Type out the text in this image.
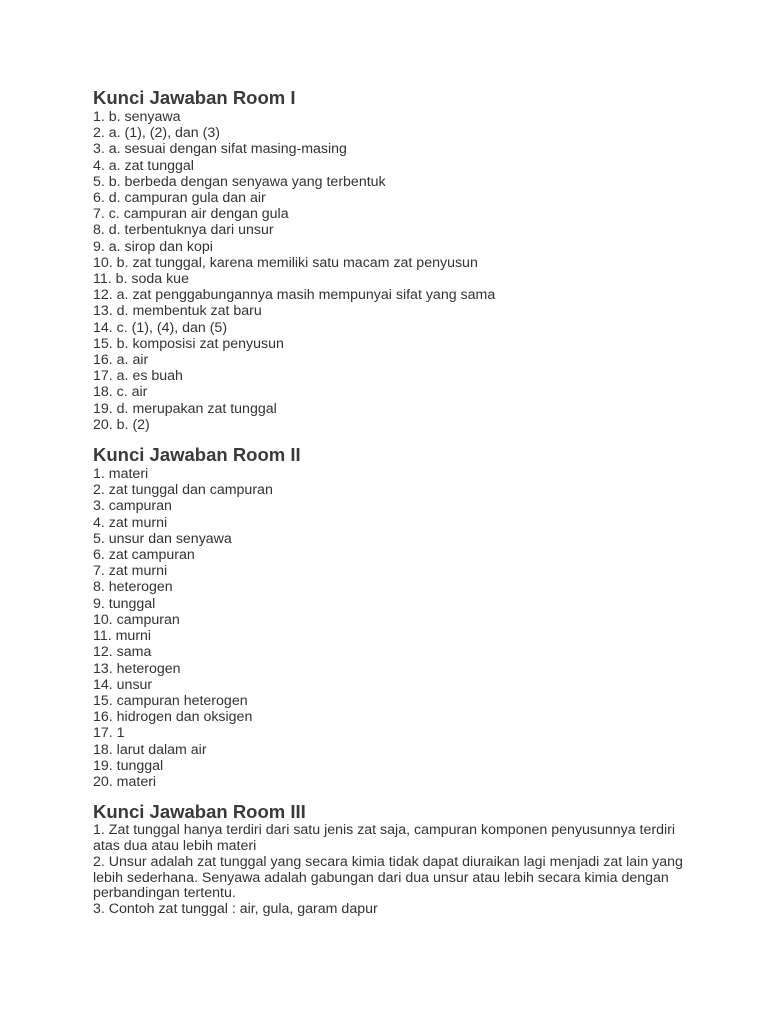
Kunci Jawaban Room I
1. b. senyawa
2. a. (1), (2), dan (3)
3. a. sesuai dengan sifat masing-masing
4. a. zat tunggal
5. b. berbeda dengan senyawa yang terbentuk
6. d. campuran gula dan air
7. c. campuran air dengan gula
8. d. terbentuknya dari unsur
9. a. sirop dan kopi
10. b. zat tunggal, karena memiliki satu macam zat penyusun
11. b. soda kue
12. a. zat penggabungannya masih mempunyai sifat yang sama
13. d. membentuk zat baru
14. c. (1), (4), dan (5)
15. b. komposisi zat penyusun
16. a. air
17. a. es buah
18. c. air
19. d. merupakan zat tunggal
20. b. (2)
Kunci Jawaban Room II
1. materi
2. zat tunggal dan campuran
3. campuran
4. zat murni
5. unsur dan senyawa
6. zat campuran
7. zat murni
8. heterogen
9. tunggal
10. campuran
11. murni
12. sama
13. heterogen
14. unsur
15. campuran heterogen
16. hidrogen dan oksigen
17. 1
18. larut dalam air
19. tunggal
20. materi
Kunci Jawaban Room III
1. Zat tunggal hanya terdiri dari satu jenis zat saja, campuran komponen penyusunnya terdiri atas dua atau lebih materi
2. Unsur adalah zat tunggal yang secara kimia tidak dapat diuraikan lagi menjadi zat lain yang lebih sederhana. Senyawa adalah gabungan dari dua unsur atau lebih secara kimia dengan perbandingan tertentu.
3. Contoh zat tunggal : air, gula, garam dapur
